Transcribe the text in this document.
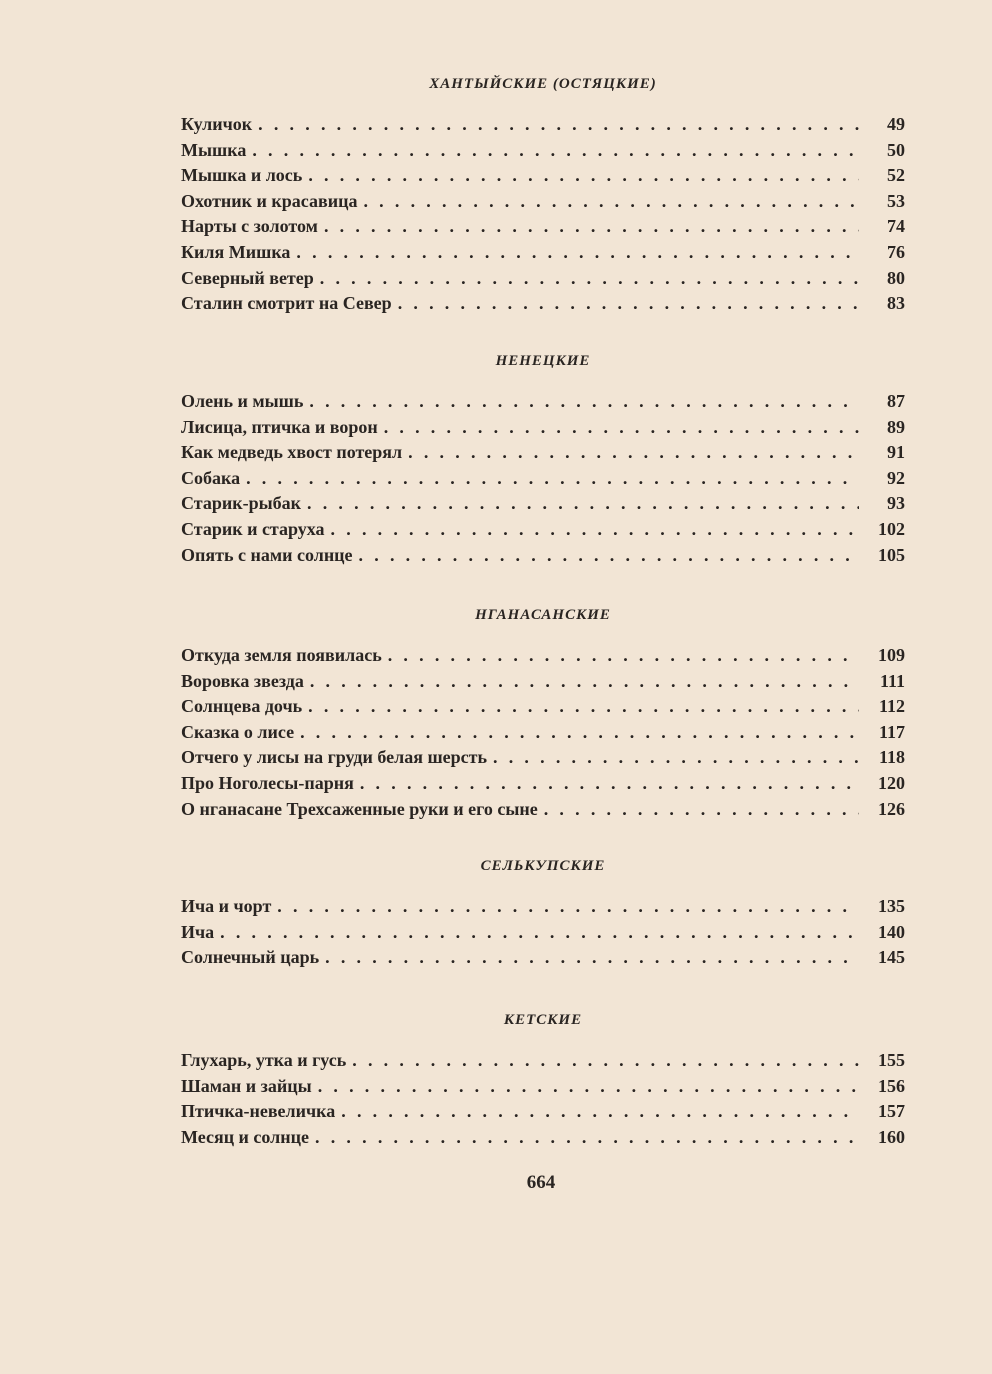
ХАНТЫЙСКИЕ (ОСТЯЦКИЕ)
Куличок . . .	49
Мышка . . .	50
Мышка и лось . . .	52
Охотник и красавица . . .	53
Нарты с золотом . . .	74
Киля Мишка . . .	76
Северный ветер . . .	80
Сталин смотрит на Север . . .	83
НЕНЕЦКИЕ
Олень и мышь . . .	87
Лисица, птичка и ворон . . .	89
Как медведь хвост потерял . . .	91
Собака . . .	92
Старик-рыбак . . .	93
Старик и старуха . . .	102
Опять с нами солнце . . .	105
НГАНАСАНСКИЕ
Откуда земля появилась . . .	109
Воровка звезда . . .	111
Солнцева дочь . . .	112
Сказка о лисе . . .	117
Отчего у лисы на груди белая шерсть . . .	118
Про Ноголесы-парня . . .	120
О нганасане Трехсаженные руки и его сыне . . .	126
СЕЛЬКУПСКИЕ
Ича и чорт . . .	135
Ича . . .	140
Солнечный царь . . .	145
КЕТСКИЕ
Глухарь, утка и гусь . . .	155
Шаман и зайцы . . .	156
Птичка-невеличка . . .	157
Месяц и солнце . . .	160
664
